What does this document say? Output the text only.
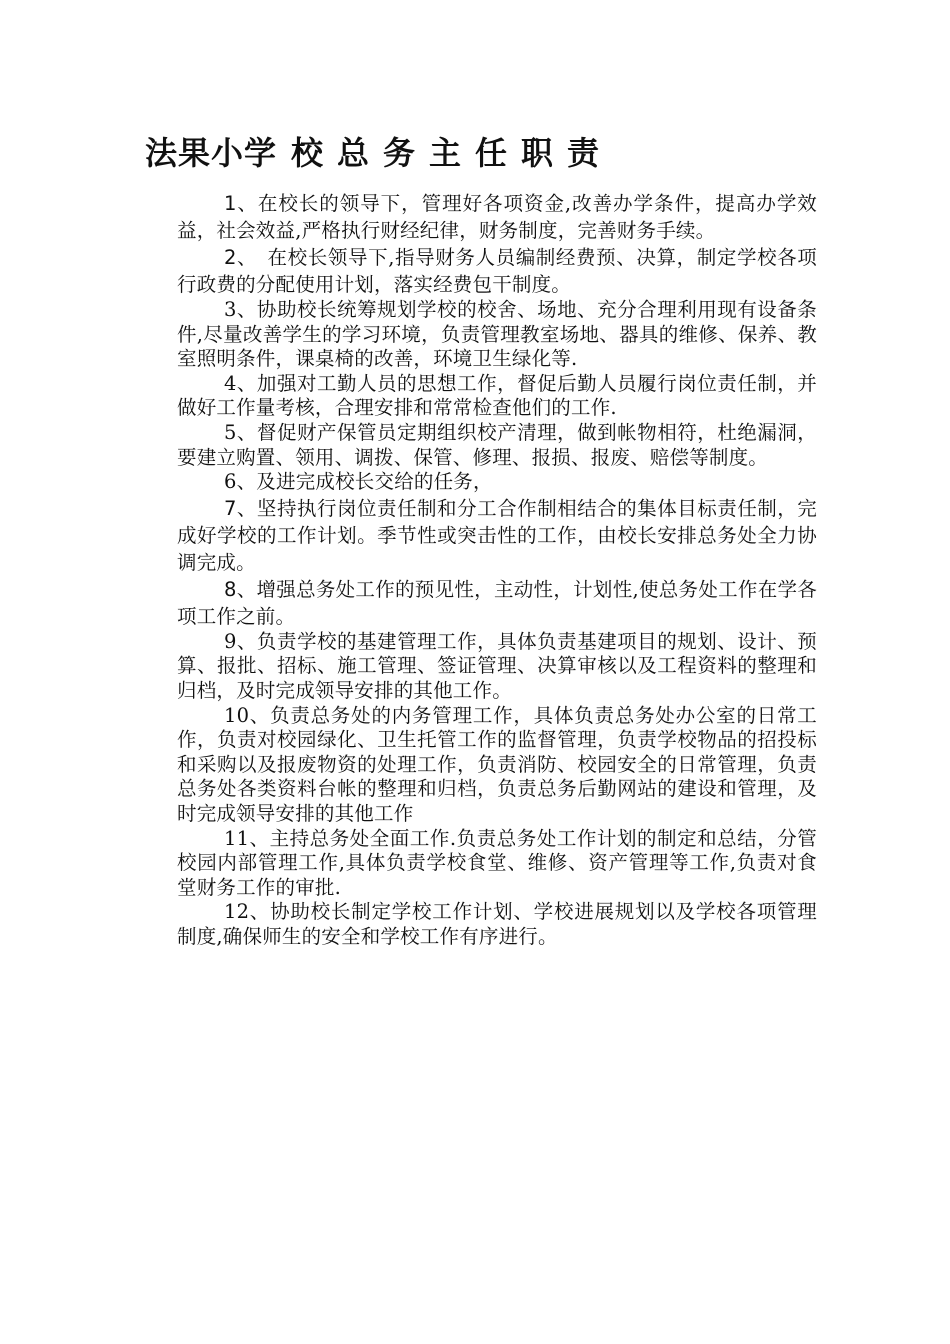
法果小学 校总务主任职责

1、在校长的领导下，管理好各项资金,改善办学条件，提高办学效益，社会效益,严格执行财经纪律，财务制度，完善财务手续。

2、　在校长领导下,指导财务人员编制经费预、决算，制定学校各项行政费的分配使用计划，落实经费包干制度。

3、协助校长统筹规划学校的校舍、场地、充分合理利用现有设备条件,尽量改善学生的学习环境，负责管理教室场地、器具的维修、保养、教室照明条件，课桌椅的改善，环境卫生绿化等.

4、加强对工勤人员的思想工作，督促后勤人员履行岗位责任制，并做好工作量考核，合理安排和常常检查他们的工作.

5、督促财产保管员定期组织校产清理，做到帐物相符，杜绝漏洞，要建立购置、领用、调拨、保管、修理、报损、报废、赔偿等制度。

6、及进完成校长交给的任务，

7、坚持执行岗位责任制和分工合作制相结合的集体目标责任制，完成好学校的工作计划。季节性或突击性的工作，由校长安排总务处全力协调完成。

8、增强总务处工作的预见性，主动性，计划性,使总务处工作在学各项工作之前。

9、负责学校的基建管理工作，具体负责基建项目的规划、设计、预算、报批、招标、施工管理、签证管理、决算审核以及工程资料的整理和归档，及时完成领导安排的其他工作。

10、负责总务处的内务管理工作，具体负责总务处办公室的日常工作，负责对校园绿化、卫生托管工作的监督管理，负责学校物品的招投标和采购以及报废物资的处理工作，负责消防、校园安全的日常管理，负责总务处各类资料台帐的整理和归档，负责总务后勤网站的建设和管理，及时完成领导安排的其他工作

11、主持总务处全面工作.负责总务处工作计划的制定和总结，分管校园内部管理工作,具体负责学校食堂、维修、资产管理等工作,负责对食堂财务工作的审批.

12、协助校长制定学校工作计划、学校进展规划以及学校各项管理制度,确保师生的安全和学校工作有序进行。
